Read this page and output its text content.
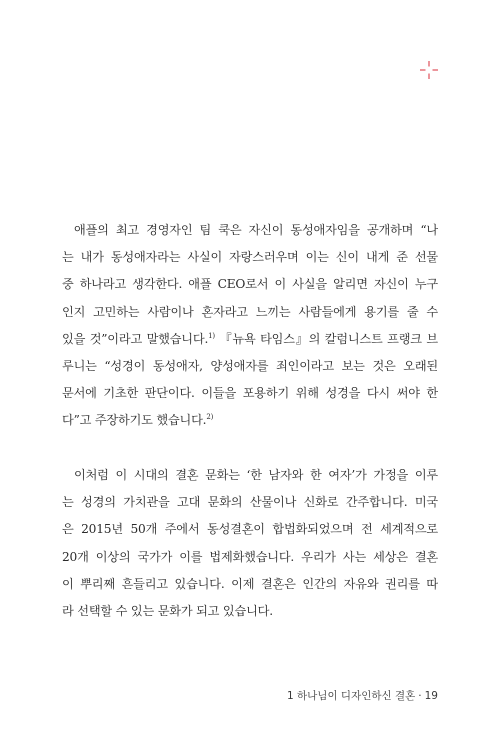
애플의 최고 경영자인 팀 쿡은 자신이 동성애자임을 공개하며 “나
는 내가 동성애자라는 사실이 자랑스러우며 이는 신이 내게 준 선물
중 하나라고 생각한다. 애플 CEO로서 이 사실을 알리면 자신이 누구
인지 고민하는 사람이나 혼자라고 느끼는 사람들에게 용기를 줄 수
있을 것”이라고 말했습니다.$^{1)}$ 『뉴욕 타임스』의 칼럼니스트 프랭크 브
루니는 “성경이 동성애자, 양성애자를 죄인이라고 보는 것은 오래된
문서에 기초한 판단이다. 이들을 포용하기 위해 성경을 다시 써야 한
다”고 주장하기도 했습니다.$^{2)}$
이처럼 이 시대의 결혼 문화는 ‘한 남자와 한 여자’가 가정을 이루
는 성경의 가치관을 고대 문화의 산물이나 신화로 간주합니다. 미국
은 2015년 50개 주에서 동성결혼이 합법화되었으며 전 세계적으로
20개 이상의 국가가 이를 법제화했습니다. 우리가 사는 세상은 결혼
이 뿌리째 흔들리고 있습니다. 이제 결혼은 인간의 자유와 권리를 따
라 선택할 수 있는 문화가 되고 있습니다.
1 하나님이 디자인하신 결혼 · 19
